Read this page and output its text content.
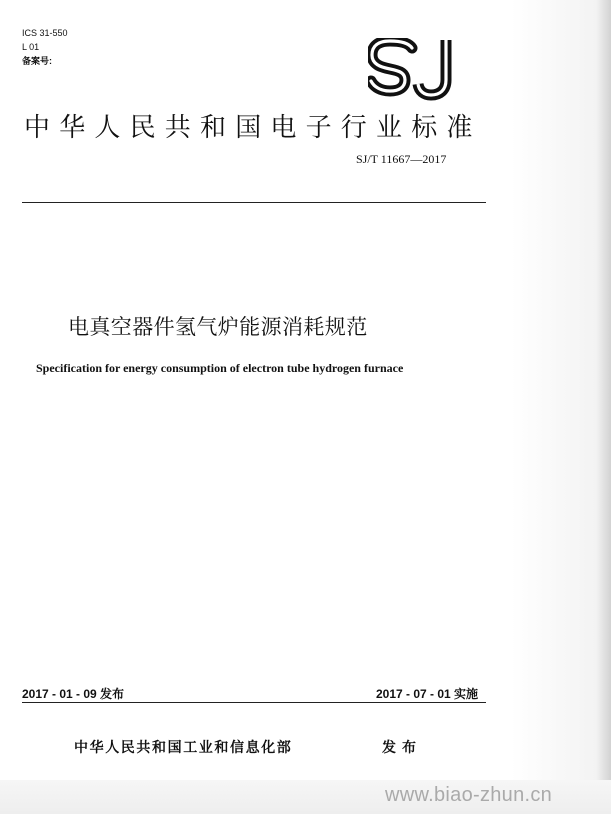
ICS 31-550
L 01
备案号:
中华人民共和国电子行业标准
SJ/T 11667—2017
电真空器件氢气炉能源消耗规范
Specification for energy consumption of electron tube hydrogen furnace
2017 - 01 - 09 发布	2017 - 07 - 01 实施
中华人民共和国工业和信息化部	发布
www.biao-zhun.cn
